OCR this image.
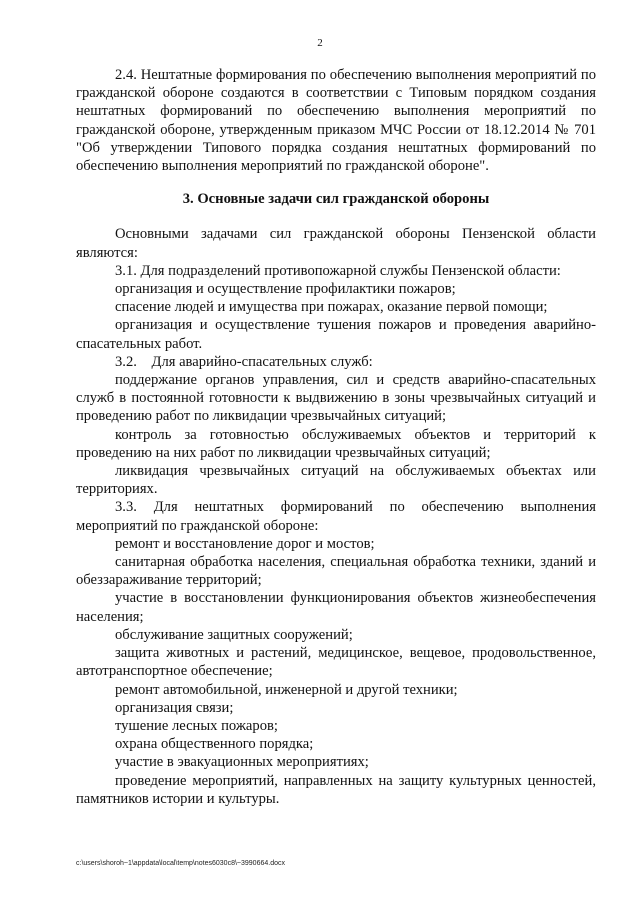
2

2.4. Нештатные формирования по обеспечению выполнения мероприятий по гражданской обороне создаются в соответствии с Типовым порядком создания нештатных формирований по обеспечению выполнения мероприятий по гражданской обороне, утвержденным приказом МЧС России от 18.12.2014 № 701 "Об утверждении Типового порядка создания нештатных формирований по обеспечению выполнения мероприятий по гражданской обороне".

3. Основные задачи сил гражданской обороны

Основными задачами сил гражданской обороны Пензенской области являются:

3.1. Для подразделений противопожарной службы Пензенской области:

организация и осуществление профилактики пожаров;

спасение людей и имущества при пожарах, оказание первой помощи;

организация и осуществление тушения пожаров и проведения аварийно-спасательных работ.

3.2.    Для аварийно-спасательных служб:

поддержание органов управления, сил и средств аварийно-спасательных служб в постоянной готовности к выдвижению в зоны чрезвычайных ситуаций и проведению работ по ликвидации чрезвычайных ситуаций;

контроль за готовностью обслуживаемых объектов и территорий к проведению на них работ по ликвидации чрезвычайных ситуаций;

ликвидация чрезвычайных ситуаций на обслуживаемых объектах или территориях.

3.3. Для нештатных формирований по обеспечению выполнения мероприятий по гражданской обороне:

ремонт и восстановление дорог и мостов;

санитарная обработка населения, специальная обработка техники, зданий и обеззараживание территорий;

участие в восстановлении функционирования объектов жизнеобеспечения населения;

обслуживание защитных сооружений;

защита животных и растений, медицинское, вещевое, продовольственное, автотранспортное обеспечение;

ремонт автомобильной, инженерной и другой техники;

организация связи;

тушение лесных пожаров;

охрана общественного порядка;

участие в эвакуационных мероприятиях;

проведение мероприятий, направленных на защиту культурных ценностей, памятников истории и культуры.

c:\users\shoroh~1\appdata\local\temp\notes6030c8\~3990664.docx
